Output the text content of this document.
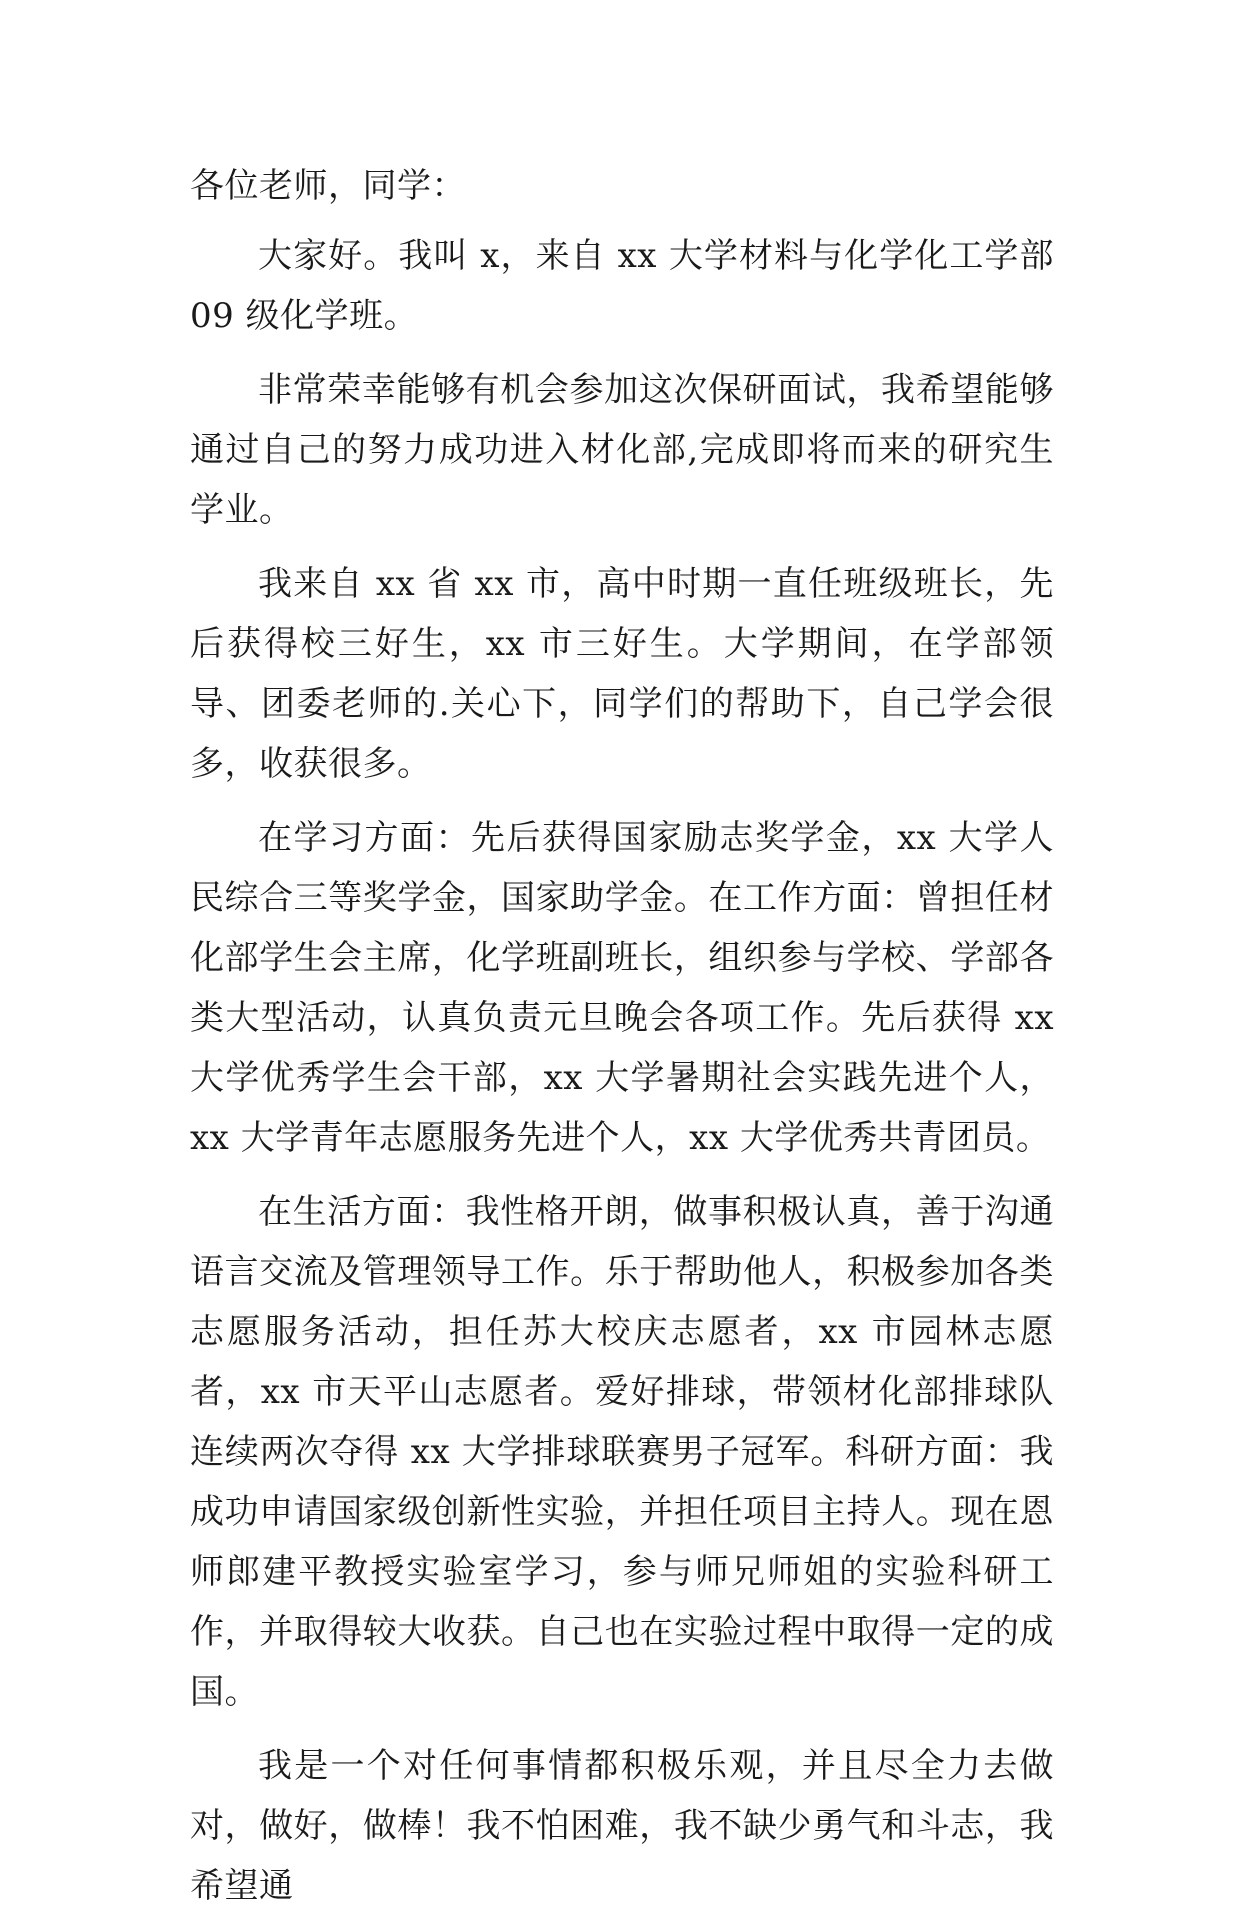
各位老师，同学：

大家好。我叫 x，来自 xx 大学材料与化学化工学部 09 级化学班。

非常荣幸能够有机会参加这次保研面试，我希望能够通过自己的努力成功进入材化部,完成即将而来的研究生学业。

我来自 xx 省 xx 市，高中时期一直任班级班长，先后获得校三好生，xx 市三好生。大学期间，在学部领导、团委老师的.关心下，同学们的帮助下，自己学会很多，收获很多。

在学习方面：先后获得国家励志奖学金，xx 大学人民综合三等奖学金，国家助学金。在工作方面：曾担任材化部学生会主席，化学班副班长，组织参与学校、学部各类大型活动，认真负责元旦晚会各项工作。先后获得 xx 大学优秀学生会干部，xx 大学暑期社会实践先进个人，xx 大学青年志愿服务先进个人，xx 大学优秀共青团员。

在生活方面：我性格开朗，做事积极认真，善于沟通语言交流及管理领导工作。乐于帮助他人，积极参加各类志愿服务活动，担任苏大校庆志愿者，xx 市园林志愿者，xx 市天平山志愿者。爱好排球，带领材化部排球队连续两次夺得 xx 大学排球联赛男子冠军。科研方面：我成功申请国家级创新性实验，并担任项目主持人。现在恩师郎建平教授实验室学习，参与师兄师姐的实验科研工作，并取得较大收获。自己也在实验过程中取得一定的成国。

我是一个对任何事情都积极乐观，并且尽全力去做对，做好，做棒！我不怕困难，我不缺少勇气和斗志，我希望通
